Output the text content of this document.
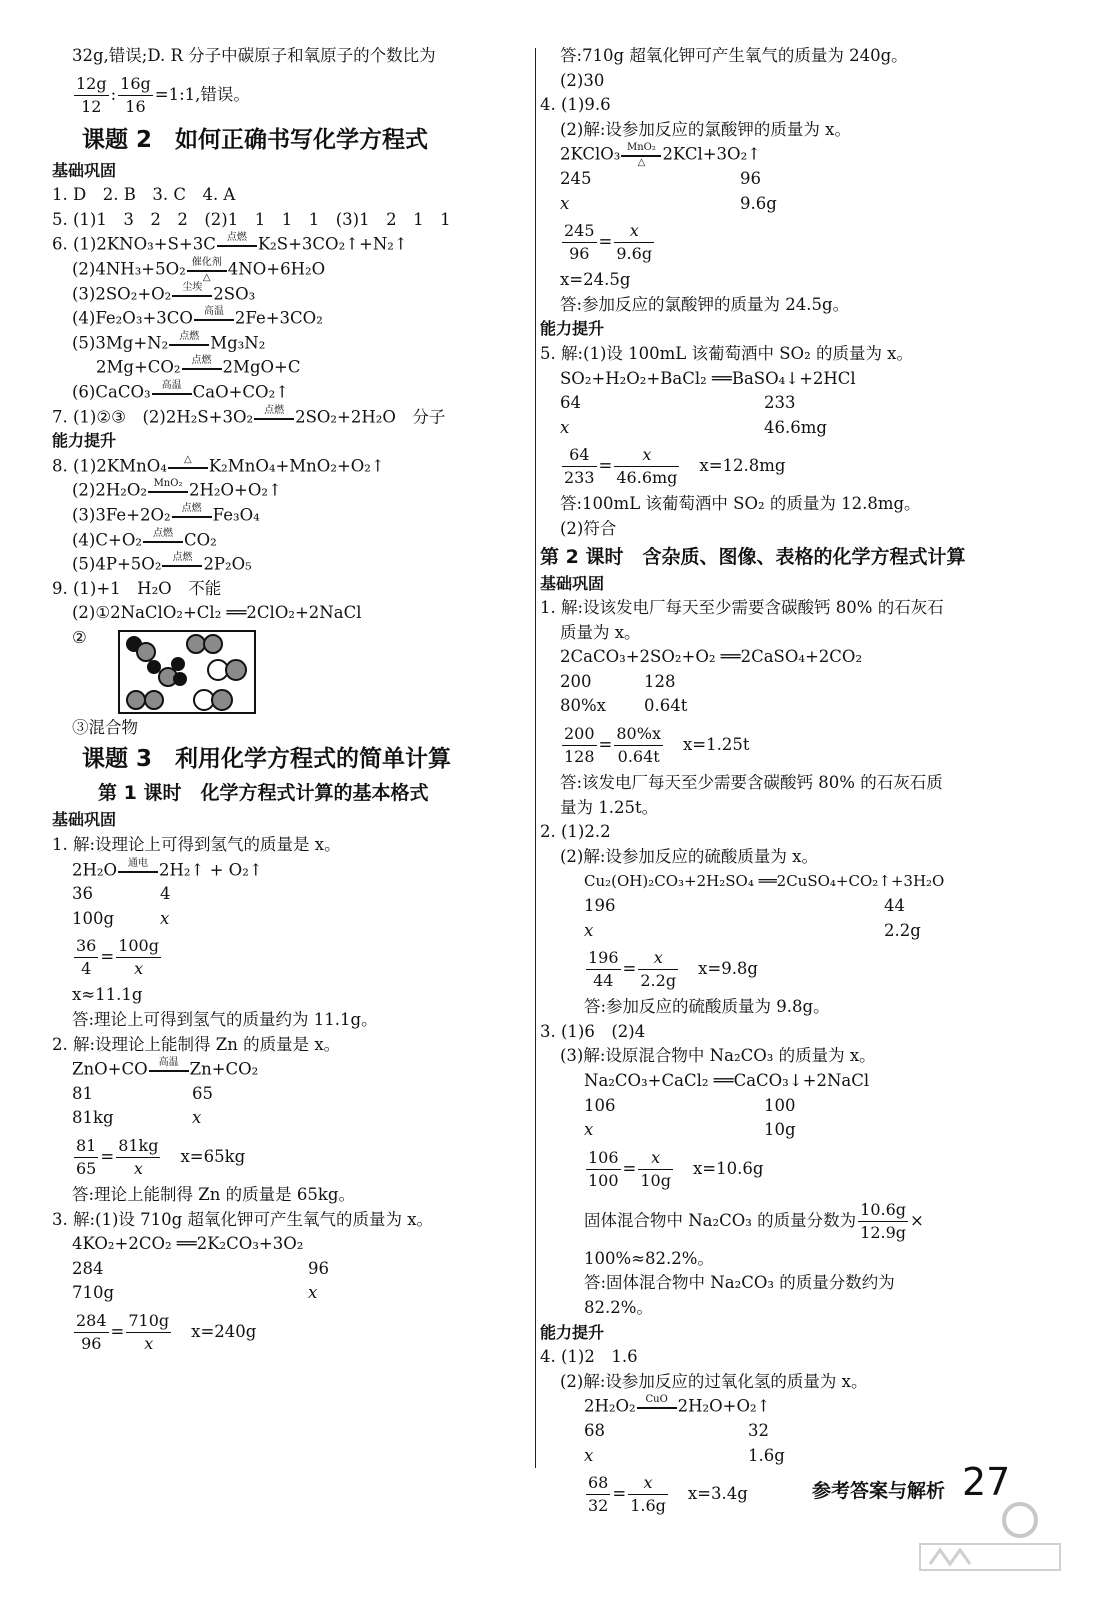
32g,错误;D. R 分子中碳原子和氧原子的个数比为
$\frac{12g}{12}$ : $\frac{16g}{16}$ =1:1,错误。
课题 2　如何正确书写化学方程式
基础巩固
1. D　2. B　3. C　4. A
5. (1)1　3　2　2　(2)1　1　1　1　(3)1　2　1　1
6. (1)2KNO₃+S+3C	点燃 K₂S+3CO₂↑+N₂↑
(2)4NH₃+5O₂ 催化剂
△	4NO+6H₂O
(3)2SO₂+O₂	尘埃 2SO₃
(4)Fe₂O₃+3CO	高温 2Fe+3CO₂
(5)3Mg+N₂	点燃 Mg₃N₂
2Mg+CO₂	点燃 2MgO+C
(6)CaCO₃	高温 CaO+CO₂↑
7. (1)②③　(2)2H₂S+3O₂	点燃 2SO₂+2H₂O　分子
能力提升
8. (1)2KMnO₄	△	K₂MnO₄+MnO₂+O₂↑
(2)2H₂O₂ MnO₂ 2H₂O+O₂↑
(3)3Fe+2O₂	点燃 Fe₃O₄
(4)C+O₂	点燃 CO₂
(5)4P+5O₂	点燃 2P₂O₅
9. (1)+1　H₂O　不能
(2)①2NaClO₂+Cl₂ ══2ClO₂+2NaCl
②
③混合物
课题 3　利用化学方程式的简单计算
第 1 课时　化学方程式计算的基本格式
基础巩固
1. 解:设理论上可得到氢气的质量是 x。
2H₂O	通电 2H₂↑ + O₂↑
36	4
100g	x
$\frac{36}{4} = \frac{100g}{x}$
x≈11.1g
答:理论上可得到氢气的质量约为 11.1g。
2. 解:设理论上能制得 Zn 的质量是 x。
ZnO+CO	高温 Zn+CO₂
81	65
81kg	x
$\frac{81}{65} = \frac{81kg}{x} x=65kg$
答:理论上能制得 Zn 的质量是 65kg。
3. 解:(1)设 710g 超氧化钾可产生氧气的质量为 x。
4KO₂+2CO₂ ══2K₂CO₃+3O₂
284	96
710g	x
$\frac{284}{96} = \frac{710g}{x} x=240g$
答:710g 超氧化钾可产生氧气的质量为 240g。
(2)30
4. (1)9.6
(2)解:设参加反应的氯酸钾的质量为 x。
2KClO₃ MnO₂
△	2KCl+3O₂↑
245	96
x	9.6g
$\frac{245}{96} = \frac{x}{9.6g}$
x=24.5g
答:参加反应的氯酸钾的质量为 24.5g。
能力提升
5. 解:(1)设 100mL 该葡萄酒中 SO₂ 的质量为 x。
SO₂+H₂O₂+BaCl₂ ══BaSO₄↓+2HCl
64	233
x	46.6mg
$\frac{64}{233} = \frac{x}{46.6mg} x=12.8mg$
答:100mL 该葡萄酒中 SO₂ 的质量为 12.8mg。
(2)符合
第 2 课时　含杂质、图像、表格的化学方程式计算
基础巩固
1. 解:设该发电厂每天至少需要含碳酸钙 80% 的石灰石
质量为 x。
2CaCO₃+2SO₂+O₂ ══2CaSO₄+2CO₂
200	128
80%x 0.64t
$\frac{200}{128} = \frac{80\%x}{0.64t} x=1.25t$
答:该发电厂每天至少需要含碳酸钙 80% 的石灰石质
量为 1.25t。
2. (1)2.2
(2)解:设参加反应的硫酸质量为 x。
Cu₂(OH)₂CO₃+2H₂SO₄ ══2CuSO₄+CO₂↑+3H₂O
196	44
x	2.2g
$\frac{196}{44} = \frac{x}{2.2g} x=9.8g$
答:参加反应的硫酸质量为 9.8g。
3. (1)6　(2)4
(3)解:设原混合物中 Na₂CO₃ 的质量为 x。
Na₂CO₃+CaCl₂ ══CaCO₃↓+2NaCl
106	100
x	10g
$\frac{106}{100} = \frac{x}{10g} x=10.6g$
固体混合物中 Na₂CO₃ 的质量分数为 $\frac{10.6g}{12.9g}$ ×
100%≈82.2%。
答:固体混合物中 Na₂CO₃ 的质量分数约为
82.2%。
能力提升
4. (1)2　1.6
(2)解:设参加反应的过氧化氢的质量为 x。
2H₂O₂ CuO 2H₂O+O₂↑
68	32
x	1.6g
$\frac{68}{32} = \frac{x}{1.6g} x=3.4g$	参考答案与解析 27
